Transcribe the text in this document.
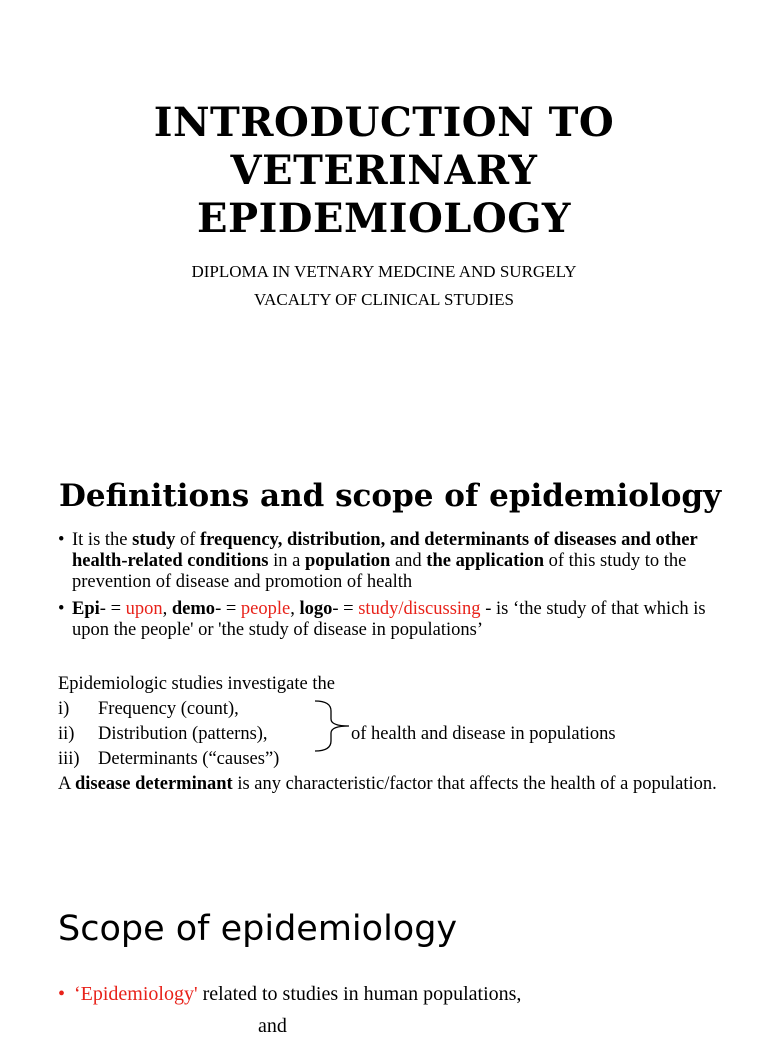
INTRODUCTION TO
VETERINARY
EPIDEMIOLOGY
DIPLOMA IN VETNARY MEDCINE AND SURGELY
VACALTY OF CLINICAL STUDIES
Definitions and scope of epidemiology
• It is the study of frequency, distribution, and determinants of diseases and other health-related conditions in a population and the application of this study to the prevention of disease and promotion of health
• Epi- = upon, demo- = people, logo- = study/discussing - is ‘the study of that which is upon the people' or 'the study of disease in populations’
Epidemiologic studies investigate the
i) Frequency (count),
ii) Distribution (patterns),
iii) Determinants (“causes”)
of health and disease in populations

A disease determinant is any characteristic/factor that affects the health of a population.

Scope of epidemiology
• ‘Epidemiology' related to studies in human populations,
and
